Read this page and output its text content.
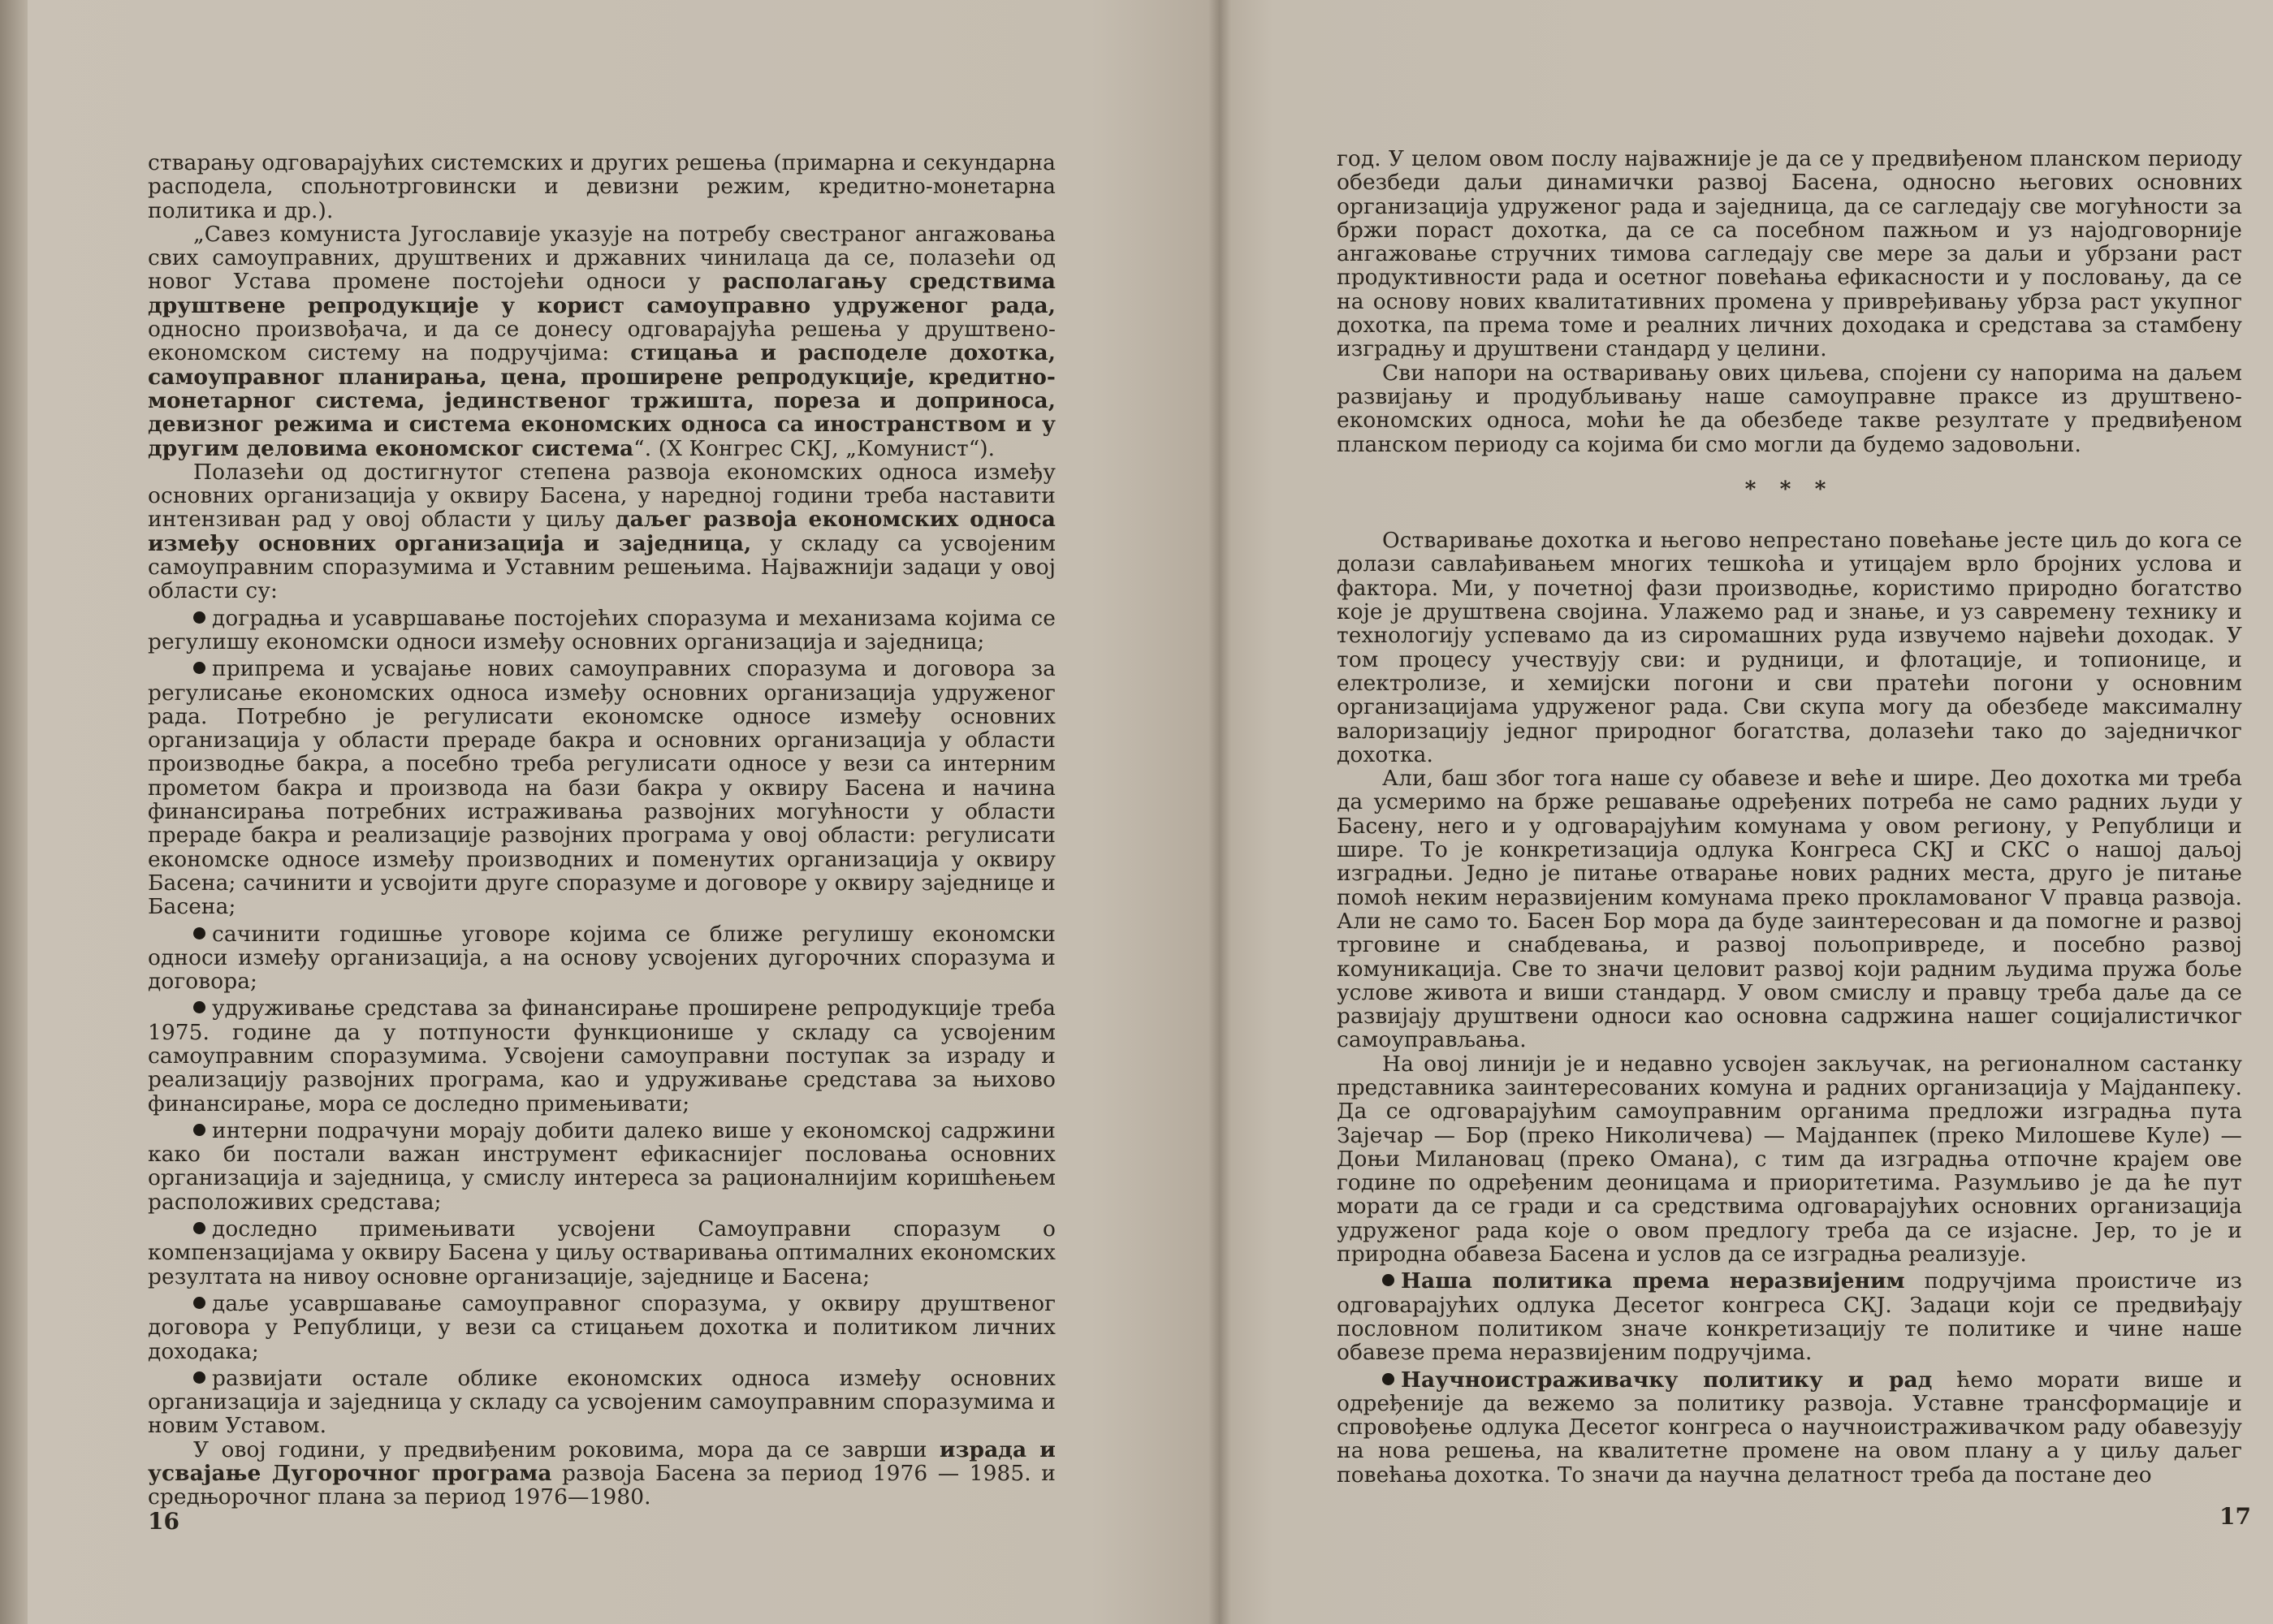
стварању одговарајућих системских и других решења (примарна и секундарна расподела, спољнотрговински и девизни режим, кредитно-монетарна политика и др.).

„Савез комуниста Југославије указује на потребу свестраног ангажовања свих самоуправних, друштвених и државних чинилаца да се, полазећи од новог Устава промене постојећи односи у располагању средствима друштвене репродукције у корист самоуправно удруженог рада, односно произвођача, и да се донесу одговарајућа решења у друштвено-економском систему на подручјима: стицања и расподеле дохотка, самоуправног планирања, цена, проширене репродукције, кредитно-монетарног система, јединственог тржишта, пореза и доприноса, девизног режима и система економских односа са иностранством и у другим деловима економског система“. (X Конгрес СКЈ, „Комунист“).

Полазећи од достигнутог степена развоја економских односа између основних организација у оквиру Басена, у наредној години треба наставити интензиван рад у овој области у циљу даљег развоја економских односа између основних организација и заједница, у складу са усвојеним самоуправним споразумима и Уставним решењима. Најважнији задаци у овој области су:

доградња и усавршавање постојећих споразума и механизама којима се регулишу економски односи између основних организација и заједница;

припрема и усвајање нових самоуправних споразума и договора за регулисање економских односа између основних организација удруженог рада. Потребно је регулисати економске односе између основних организација у области прераде бакра и основних организација у области производње бакра, а посебно треба регулисати односе у вези са интерним прометом бакра и производа на бази бакра у оквиру Басена и начина финансирања потребних истраживања развојних могућности у области прераде бакра и реализације развојних програма у овој области: регулисати економске односе између производних и поменутих организација у оквиру Басена; сачинити и усвојити друге споразуме и договоре у оквиру заједнице и Басена;

сачинити годишње уговоре којима се ближе регулишу економски односи између организација, а на основу усвојених дугорочних споразума и договора;

удруживање средстава за финансирање проширене репродукције треба 1975. године да у потпуности функционише у складу са усвојеним самоуправним споразумима. Усвојени самоуправни поступак за израду и реализацију развојних програма, као и удруживање средстава за њихово финансирање, мора се доследно примењивати;

интерни подрачуни морају добити далеко више у економској садржини како би постали важан инструмент ефикаснијег пословања основних организација и заједница, у смислу интереса за рационалнијим коришћењем расположивих средстава;

доследно примењивати усвојени Самоуправни споразум о компензацијама у оквиру Басена у циљу остваривања оптималних економских резултата на нивоу основне организације, заједнице и Басена;

даље усавршавање самоуправног споразума, у оквиру друштвеног договора у Републици, у вези са стицањем дохотка и политиком личних доходака;

развијати остале облике економских односа између основних организација и заједница у складу са усвојеним самоуправним споразумима и новим Уставом.

У овој години, у предвиђеним роковима, мора да се заврши израда и усвајање Дугорочног програма развоја Басена за период 1976 — 1985. и средњорочног плана за период 1976—1980.

16

год. У целом овом послу најважније је да се у предвиђеном планском периоду обезбеди даљи динамички развој Басена, односно његових основних организација удруженог рада и заједница, да се сагледају све могућности за бржи пораст дохотка, да се са посебном пажњом и уз најодговорније ангажовање стручних тимова сагледају све мере за даљи и убрзани раст продуктивности рада и осетног повећања ефикасности и у пословању, да се на основу нових квалитативних промена у привређивању убрза раст укупног дохотка, па према томе и реалних личних доходака и средстава за стамбену изградњу и друштвени стандард у целини.

Сви напори на остваривању ових циљева, спојени су напорима на даљем развијању и продубљивању наше самоуправне праксе из друштвено-економских односа, моћи ће да обезбеде такве резултате у предвиђеном планском периоду са којима би смо могли да будемо задовољни.

* * *

Остваривање дохотка и његово непрестано повећање јесте циљ до кога се долази савлађивањем многих тешкоћа и утицајем врло бројних услова и фактора. Ми, у почетној фази производње, користимо природно богатство које је друштвена својина. Улажемо рад и знање, и уз савремену технику и технологију успевамо да из сиромашних руда извучемо највећи доходак. У том процесу учествују сви: и рудници, и флотације, и топионице, и електролизе, и хемијски погони и сви пратећи погони у основним организацијама удруженог рада. Сви скупа могу да обезбеде максималну валоризацију једног природног богатства, долазећи тако до заједничког дохотка.

Али, баш због тога наше су обавезе и веће и шире. Део дохотка ми треба да усмеримо на брже решавање одређених потреба не само радних људи у Басену, него и у одговарајућим комунама у овом региону, у Републици и шире. То је конкретизација одлука Конгреса СКЈ и СКС о нашој даљој изградњи. Једно је питање отварање нових радних места, друго је питање помоћ неким неразвијеним комунама преко прокламованог V правца развоја. Али не само то. Басен Бор мора да буде заинтересован и да помогне и развој трговине и снабдевања, и развој пољопривреде, и посебно развој комуникација. Све то значи целовит развој који радним људима пружа боље услове живота и виши стандард. У овом смислу и правцу треба даље да се развијају друштвени односи као основна садржина нашег социјалистичког самоуправљања.

На овој линији је и недавно усвојен закључак, на регионалном састанку представника заинтересованих комуна и радних организација у Мајданпеку. Да се одговарајућим самоуправним органима предложи изградња пута Зајечар — Бор (преко Николичева) — Мајданпек (преко Милошеве Куле) — Доњи Милановац (преко Омана), с тим да изградња отпочне крајем ове године по одређеним деоницама и приоритетима. Разумљиво је да ће пут морати да се гради и са средствима одговарајућих основних организација удруженог рада које о овом предлогу треба да се изјасне. Јер, то је и природна обавеза Басена и услов да се изградња реализује.

Наша политика према неразвијеним подручјима проистиче из одговарајућих одлука Десетог конгреса СКЈ. Задаци који се предвиђају пословном политиком значе конкретизацију те политике и чине наше обавезе према неразвијеним подручјима.

Научноистраживачку политику и рад ћемо морати више и одређеније да вежемо за политику развоја. Уставне трансформације и спровођење одлука Десетог конгреса о научноистраживачком раду обавезују на нова решења, на квалитетне промене на овом плану а у циљу даљег повећања дохотка. То значи да научна делатност треба да постане део

17
